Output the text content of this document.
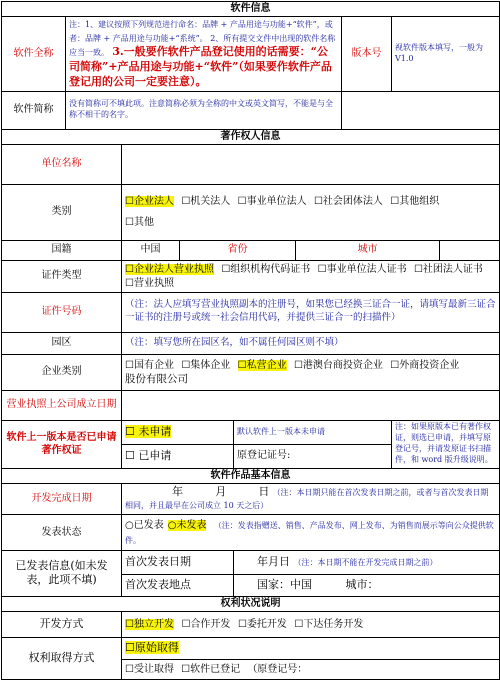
软件信息								
软件全称	注：1、建议按照下列规范进行命名：品牌 + 产品用途与功能+“软件”，或者：品牌 + 产品用途与功能+“系统”。 2、所有提交文件中出现的软件名称应当一致。 3.一般要作软件产品登记使用的话需要：“公司简称”+产品用途与功能+“软件”（如果要作软件产品登记用的公司一定要注意）。					版本号	视软件版本填写，一般为 V1.0	
软件简称	没有简称可不填此项。注意简称必须为全称的中文或英文简写，不能是与全称不相干的名字。							
著作权人信息								
单位名称								
类别		☐企业法人 ☐机关法人 ☐事业单位法人 ☐社会团体法人 ☐其他组织
☐其他						
国籍		中国	省份		城市			
证件类型		☐企业法人营业执照 ☐组织机构代码证书 ☐事业单位法人证书 ☐社团法人证书
☐营业执照						
证件号码		（注：法人应填写营业执照副本的注册号，如果您已经换三证合一证，请填写最新三证合一证书的注册号或统一社会信用代码，并提供三证合一的扫描件）						
园区		（注：填写您所在园区名，如不属任何园区则不填）						
企业类别		☐国有企业 ☐集体企业 ☐私营企业 ☐港澳台商投资企业 ☐外商投资企业
股份有限公司						
营业执照上公司成立日期								
软件上一版本是否已申请著作权证		☐ 未申请		默认软件上一版本未申请			注：如果原版本已有著作权证，则选已申请，并填写原登记号，并请发原证书扫描件，和 word 版升级说明。	
		☐ 已申请		原登记证号:				
软件作品基本信息								
开发完成日期		年 月 日 （注：本日期只能在首次发表日期之前，或者与首次发表日期相同，并且最早在公司成立 10 天之后）						
发表状态		○已发表 ○未发表 （注：发表指赠送、销售、产品发布、网上发布、为销售而展示等向公众提供软件。						
已发表信息(如未发表，此项不填)		首次发表日期		年月日 （注：本日期不能在开发完成日期之前）				
		首次发表地点		国家：中国 城市：				
权利状况说明								
开发方式		☐独立开发 ☐合作开发 ☐委托开发 ☐下达任务开发						
权利取得方式		☐原始取得						
		☐受让取得 ☐软件已登记 （原登记号：						
